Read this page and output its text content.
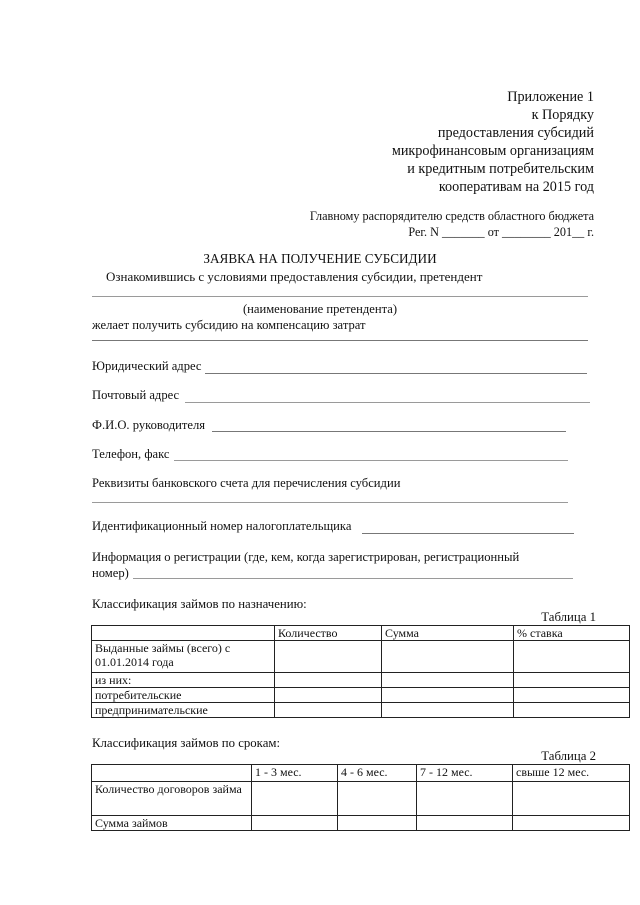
Приложение 1
к Порядку
предоставления субсидий
микрофинансовым организациям
и кредитным потребительским
кооперативам на 2015 год
Главному распорядителю средств областного бюджета
Рег. N _______ от ________ 201__ г.
ЗАЯВКА НА ПОЛУЧЕНИЕ СУБСИДИИ
Ознакомившись с условиями предоставления субсидии, претендент
(наименование претендента)
желает получить субсидию на компенсацию затрат
Юридический адрес
Почтовый адрес
Ф.И.О. руководителя
Телефон, факс
Реквизиты банковского счета для перечисления субсидии
Идентификационный номер налогоплательщика
Информация о регистрации (где, кем, когда зарегистрирован, регистрационный
номер)
Классификация займов по назначению:
Таблица 1
	Количество	Сумма	% ставка
Выданные займы (всего) с 01.01.2014 года			
из них:			
потребительские			
предпринимательские			
Классификация займов по срокам:
Таблица 2
	1 - 3 мес.	4 - 6 мес.	7 - 12 мес.	свыше 12 мес.
Количество договоров займа				
Сумма займов				
